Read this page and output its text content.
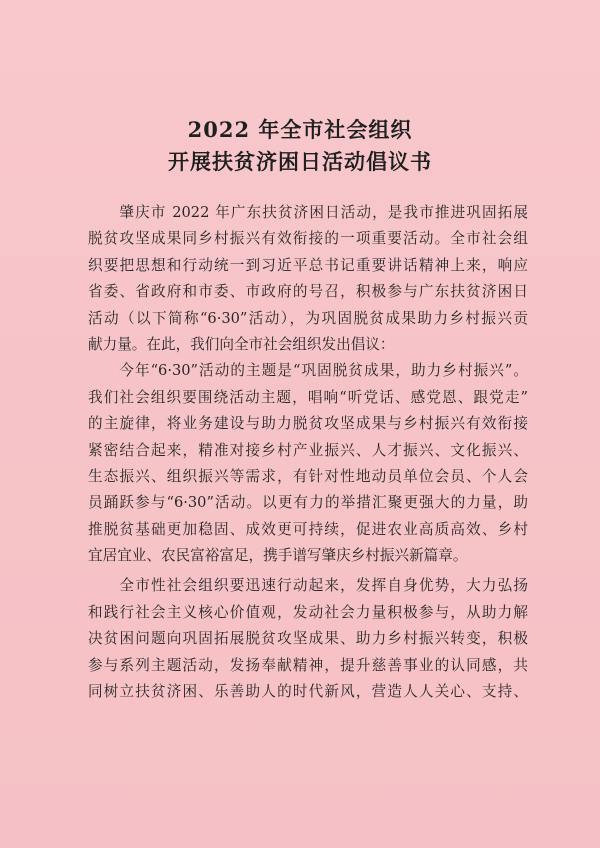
2022 年全市社会组织
开展扶贫济困日活动倡议书
　　肇庆市 2022 年广东扶贫济困日活动，是我市推进巩固拓展
脱贫攻坚成果同乡村振兴有效衔接的一项重要活动。全市社会组
织要把思想和行动统一到习近平总书记重要讲话精神上来，响应
省委、省政府和市委、市政府的号召，积极参与广东扶贫济困日
活动（以下简称“6·30”活动），为巩固脱贫成果助力乡村振兴贡
献力量。在此，我们向全市社会组织发出倡议：
　　今年“6·30”活动的主题是“巩固脱贫成果，助力乡村振兴”。
我们社会组织要围绕活动主题，唱响“听党话、感党恩、跟党走”
的主旋律，将业务建设与助力脱贫攻坚成果与乡村振兴有效衔接
紧密结合起来，精准对接乡村产业振兴、人才振兴、文化振兴、
生态振兴、组织振兴等需求，有针对性地动员单位会员、个人会
员踊跃参与“6·30”活动。以更有力的举措汇聚更强大的力量，助
推脱贫基础更加稳固、成效更可持续，促进农业高质高效、乡村
宜居宜业、农民富裕富足，携手谱写肇庆乡村振兴新篇章。
　　全市性社会组织要迅速行动起来，发挥自身优势，大力弘扬
和践行社会主义核心价值观，发动社会力量积极参与，从助力解
决贫困问题向巩固拓展脱贫攻坚成果、助力乡村振兴转变，积极
参与系列主题活动，发扬奉献精神，提升慈善事业的认同感，共
同树立扶贫济困、乐善助人的时代新风，营造人人关心、支持、
